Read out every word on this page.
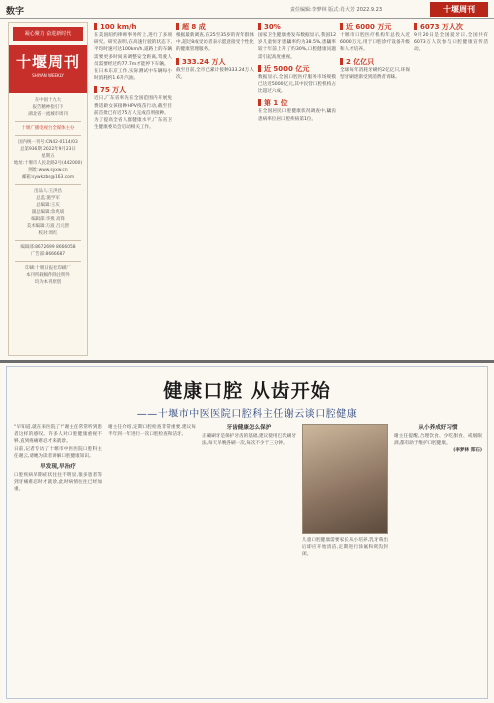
数字	责任编辑:李梦林 版式:肖大芳 2022.9.23	十堰周刊
凝心聚力 奋进新时代
十堰周刊
SHIYAN WEEKLY
在中国十九大
报告精神指引下
湖北省一流城市周刊
十堰广播电视台全媒体主办
国内统一刊号:CN42-0114/03
总第936期 2022年9月23日
星期五
地址:十堰市人民北路2号(442000)
网址:www.syxw.cn
邮箱:sywkzbs@163.com
出品人:王洪昌
总监:施学军
总编辑:王庆
副总编辑:余兆斌
编辑部:李燕 高锋
美术编辑:万波 吕元智
校对:周红
编辑部:8672699 8666058
广告部:8666687
印刷:十堰日报社印刷厂
本刊所载稿件除注明外
均为本刊原创
100 km/h

在美国纽约律师事务所上,进行了多项研究。研究表明,在高速行驶的状态下,平均时速可达100km/h,道路上的车辆需要更多时间来调整安全距离,驾驶人员需要经过约77.7m才能停下车辆。

在日本东京工作,实际测试中车辆每小时消耗约1.6升汽油。

75 万人

近日,广东省率先在全国范围内开展免费适龄女孩接种HPV疫苗行动,截至目前首批已有近75万人完成首剂接种。

为了提高全省人群健康水平,广东省卫生健康委员会启动相关工作。

超 8 成

根据最新调查,在25至35岁的青年群体中,超过8成受访者表示愿意接受个性化的健康管理服务。

333.24 万人

截至目前,全市已累计接种333.24万人次。

30%

国家卫生健康委发布数据显示,我国12岁儿童恒牙患龋率约为38.5%,患龋率较十年前上升了约30%,口腔健康问题需引起高度重视。

近 5000 亿元

数据显示,全国口腔医疗服务市场规模已达近5000亿元,其中民营口腔机构占比超过六成。

第 1 位

在全国居民口腔健康状况调查中,龋齿患病率位居口腔疾病第1位。

近 6000 万元

十堰市口腔医疗机构年总投入近6000万元,用于口腔诊疗设备升级和人才培养。

2 亿亿只

全球每年消耗牙刷约2亿亿只,环保型牙刷逐渐受到消费者青睐。

6073 万人次

9月20日是全国爱牙日,全国共有6073万人次参与口腔健康宣传活动。

健康口腔 从齿开始
——十堰市中医医院口腔科主任谢云谈口腔健康

“早知道,就在来医院了!”谢主任常常听到患者这样的感叹。许多人对口腔健康重视不够,直到疼痛难忍才来就诊。

日前,记者专访了十堰市中医医院口腔科主任谢云,请她为读者讲解口腔健康知识。

早发现,早治疗

口腔疾病早期症状往往不明显,很多患者等到牙痛难忍时才就诊,此时病情往往已经加重。

谢主任介绍,定期口腔检查非常重要,建议每半年到一年进行一次口腔检查和洁牙。

牙齿健康怎么保护

正确刷牙是保护牙齿的基础,建议使用巴氏刷牙法,每天早晚各刷一次,每次不少于三分钟。

儿童口腔健康需要家长从小培养,乳牙萌出后即应开始清洁,定期进行涂氟和窝沟封闭。

从小养成好习惯

谢主任提醒,合理饮食、少吃甜食、戒烟限酒,都有助于维护口腔健康。

(李梦林 郑石)
